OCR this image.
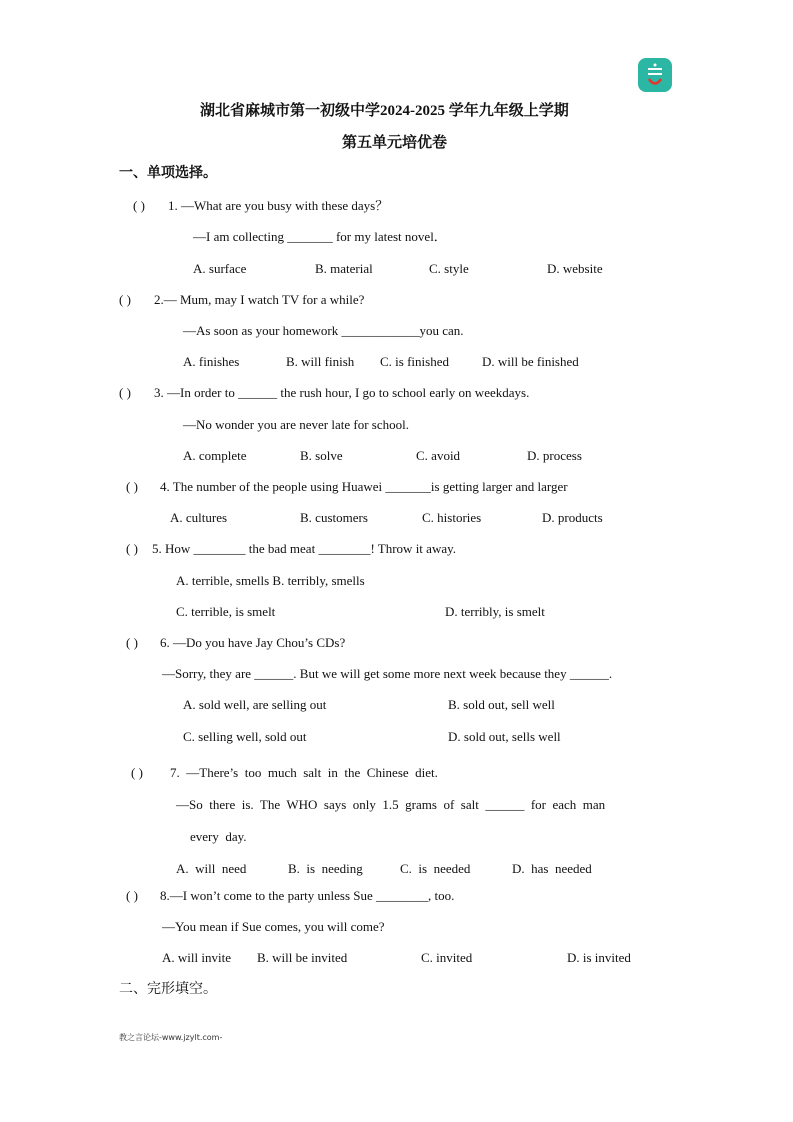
湖北省麻城市第一初级中学2024-2025 学年九年级上学期
第五单元培优卷
一、单项选择。
( ) 1. —What are you busy with these days？
—I am collecting _______ for my latest novel．
A. surface	B. material	C. style	D. website
( ) 2.— Mum, may I watch TV for a while?
—As soon as your homework ____________you can.
A. finishes	B. will finish C. is finished	D. will be finished
( ) 3. —In order to ______ the rush hour, I go to school early on weekdays.
—No wonder you are never late for school.
A. complete	B. solve	C. avoid	D. process
( ) 4. The number of the people using Huawei _______is getting larger and larger
A. cultures	B. customers	C. histories	D. products
( ) 5. How ________ the bad meat ________! Throw it away.
A. terrible, smells B. terribly, smells
C. terrible, is smelt	D. terribly, is smelt
( ) 6. —Do you have Jay Chou’s CDs?
—Sorry, they are ______. But we will get some more next week because they ______.
A. sold well, are selling out	B. sold out, sell well
C. selling well, sold out	D. sold out, sells well
( ) 7.  —There’s  too  much  salt  in  the  Chinese  diet.
—So  there  is.  The  WHO  says  only  1.5  grams  of  salt  ______  for  each  man
every  day.
A.  will  need	B.  is  needing	C.  is  needed	D.  has  needed
( ) 8.—I won’t come to the party unless Sue ________, too.
—You mean if Sue comes, you will come?
A. will invite B. will be invited	C. invited	D. is invited
二、完形填空。
教之言论坛-www.jzylt.com-
